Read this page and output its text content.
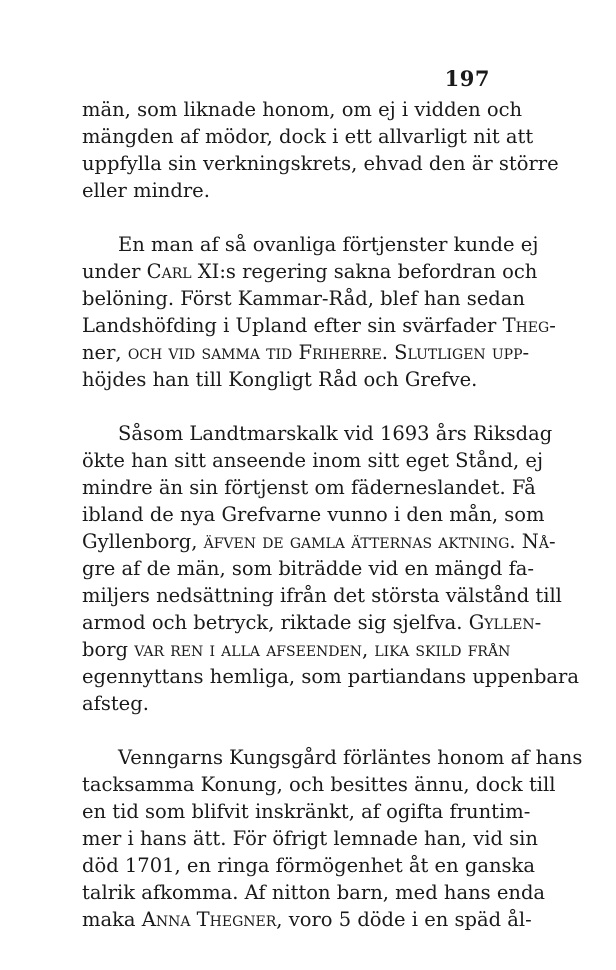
197
män, som liknade honom, om ej i vidden och
mängden af mödor, dock i ett allvarligt nit att
uppfylla sin verkningskrets, ehvad den är större
eller mindre.
En man af så ovanliga förtjenster kunde ej
under Carl XI:s regering sakna befordran och
belöning. Först Kammar-Råd, blef han sedan
Landshöfding i Upland efter sin svärfader Theg-
ner, och vid samma tid Friherre. Slutligen upp-
höjdes han till Kongligt Råd och Grefve.
Såsom Landtmarskalk vid 1693 års Riksdag
ökte han sitt anseende inom sitt eget Stånd, ej
mindre än sin förtjenst om fäderneslandet. Få
ibland de nya Grefvarne vunno i den mån, som
Gyllenborg, äfven de gamla ätternas aktning. Nå-
gre af de män, som biträdde vid en mängd fa-
miljers nedsättning ifrån det största välstånd till
armod och betryck, riktade sig sjelfva. Gyllen-
borg var ren i alla afseenden, lika skild från
egennyttans hemliga, som partiandans uppenbara
afsteg.
Venngarns Kungsgård förläntes honom af hans
tacksamma Konung, och besittes ännu, dock till
en tid som blifvit inskränkt, af ogifta fruntim-
mer i hans ätt. För öfrigt lemnade han, vid sin
död 1701, en ringa förmögenhet åt en ganska
talrik afkomma. Af nitton barn, med hans enda
maka Anna Thegner, voro 5 döde i en späd ål-
